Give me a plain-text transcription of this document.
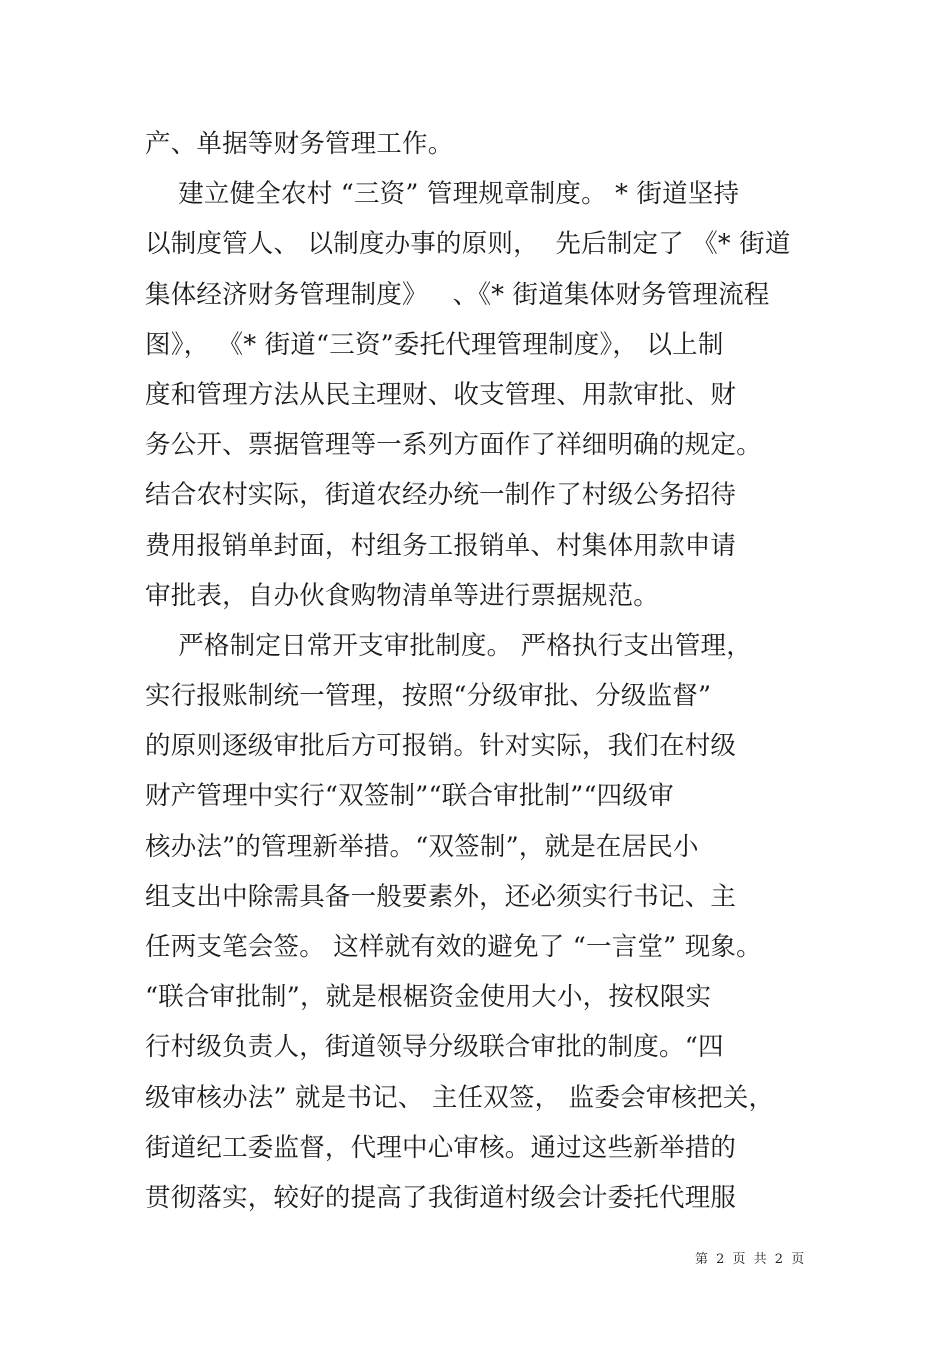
产、单据等财务管理工作。
建立健全农村 “三资” 管理规章制度。 * 街道坚持
以制度管人、 以制度办事的原则，  先后制定了 《* 街道
集体经济财务管理制度》   、《* 街道集体财务管理流程
图》， 《* 街道“三资”委托代理管理制度》， 以上制
度和管理方法从民主理财、收支管理、用款审批、财
务公开、票据管理等一系列方面作了祥细明确的规定。
结合农村实际，街道农经办统一制作了村级公务招待
费用报销单封面，村组务工报销单、村集体用款申请
审批表，自办伙食购物清单等进行票据规范。
严格制定日常开支审批制度。 严格执行支出管理，
实行报账制统一管理，按照“分级审批、分级监督”
的原则逐级审批后方可报销。针对实际，我们在村级
财产管理中实行“双签制”“联合审批制”“四级审
核办法”的管理新举措。“双签制”，就是在居民小
组支出中除需具备一般要素外，还必须实行书记、主
任两支笔会签。 这样就有效的避免了 “一言堂” 现象。
“联合审批制”，就是根椐资金使用大小，按权限实
行村级负责人，街道领导分级联合审批的制度。“四
级审核办法” 就是书记、 主任双签， 监委会审核把关，
街道纪工委监督，代理中心审核。通过这些新举措的
贯彻落实，较好的提高了我街道村级会计委托代理服
第 2 页 共 2 页
